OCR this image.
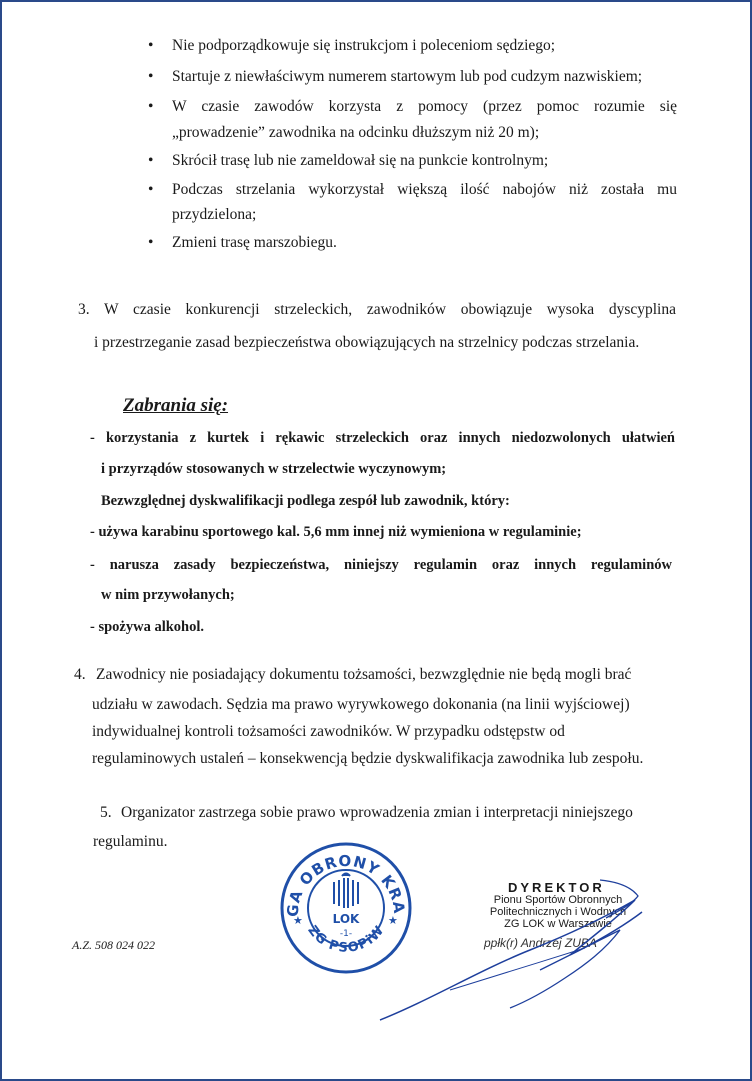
• Nie podporządkowuje się instrukcjom i poleceniom sędziego;
• Startuje z niewłaściwym numerem startowym lub pod cudzym nazwiskiem;
• W czasie zawodów korzysta z pomocy (przez pomoc rozumie się
„prowadzenie” zawodnika na odcinku dłuższym niż 20 m);
• Skrócił trasę lub nie zameldował się na punkcie kontrolnym;
• Podczas strzelania wykorzystał większą ilość nabojów niż została mu
przydzielona;
• Zmieni trasę marszobiegu.
3. W czasie konkurencji strzeleckich, zawodników obowiązuje wysoka dyscyplina
i przestrzeganie zasad bezpieczeństwa obowiązujących na strzelnicy podczas strzelania.
Zabrania się:
- korzystania z kurtek i rękawic strzeleckich oraz innych niedozwolonych ułatwień
i przyrządów stosowanych w strzelectwie wyczynowym;
Bezwzględnej dyskwalifikacji podlega zespół lub zawodnik, który:
- używa karabinu sportowego kal. 5,6 mm innej niż wymieniona w regulaminie;
- narusza zasady bezpieczeństwa, niniejszy regulamin oraz innych regulaminów
w nim przywołanych;
- spożywa alkohol.
4. Zawodnicy nie posiadający dokumentu tożsamości, bezwzględnie nie będą mogli brać
udziału w zawodach. Sędzia ma prawo wyrywkowego dokonania (na linii wyjściowej)
indywidualnej kontroli tożsamości zawodników. W przypadku odstępstw od
regulaminowych ustaleń – konsekwencją będzie dyskwalifikacja zawodnika lub zespołu.
5. Organizator zastrzega sobie prawo wprowadzenia zmian i interpretacji niniejszego
regulaminu.
A.Z. 508 024 022
GA OBRONY KRA
ZG PSOPiW
★	★
LOK
-1-
DYREKTOR
Pionu Sportów Obronnych
Politechnicznych i Wodnych
ZG LOK w Warszawie
ppłk(r) Andrzej ZUBA
